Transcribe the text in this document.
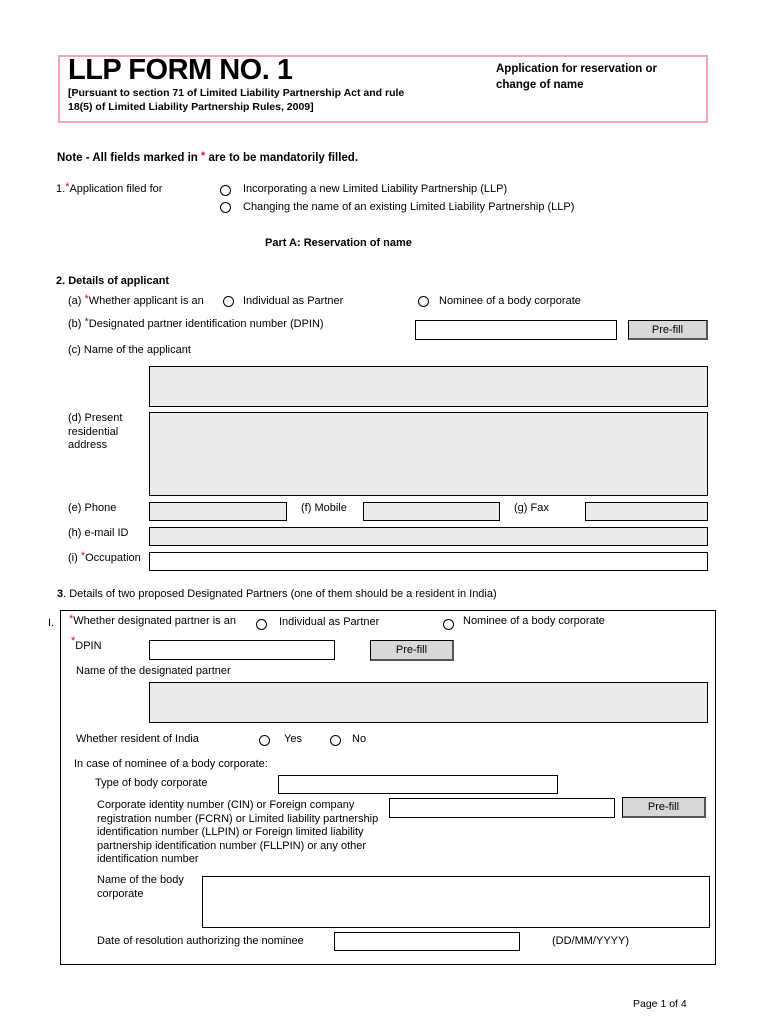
LLP FORM NO. 1
[Pursuant to section 71 of Limited Liability Partnership Act and rule 18(5) of Limited Liability Partnership Rules, 2009]
Application for reservation or change of name
Note - All fields marked in * are to be mandatorily filled.
1.*Application filed for	Incorporating a new Limited Liability Partnership (LLP)
Changing the name of an existing Limited Liability Partnership (LLP)
Part A: Reservation of name
2. Details of applicant
(a) *Whether applicant is an	Individual as Partner	Nominee of a body corporate
(b) *Designated partner identification number (DPIN)	Pre-fill
(c) Name of the applicant
(d) Present residential address
(e) Phone	(f) Mobile	(g) Fax
(h) e-mail ID
(i) *Occupation
3. Details of two proposed Designated Partners (one of them should be a resident in India)
I. *Whether designated partner is an	Individual as Partner	Nominee of a body corporate
*DPIN	Pre-fill
Name of the designated partner
Whether resident of India	Yes	No
In case of nominee of a body corporate:
Type of body corporate
Corporate identity number (CIN) or Foreign company registration number (FCRN) or Limited liability partnership identification number (LLPIN) or Foreign limited liability partnership identification number (FLLPIN) or any other identification number
Pre-fill
Name of the body corporate
Date of resolution authorizing the nominee	(DD/MM/YYYY)
Page 1 of 4
